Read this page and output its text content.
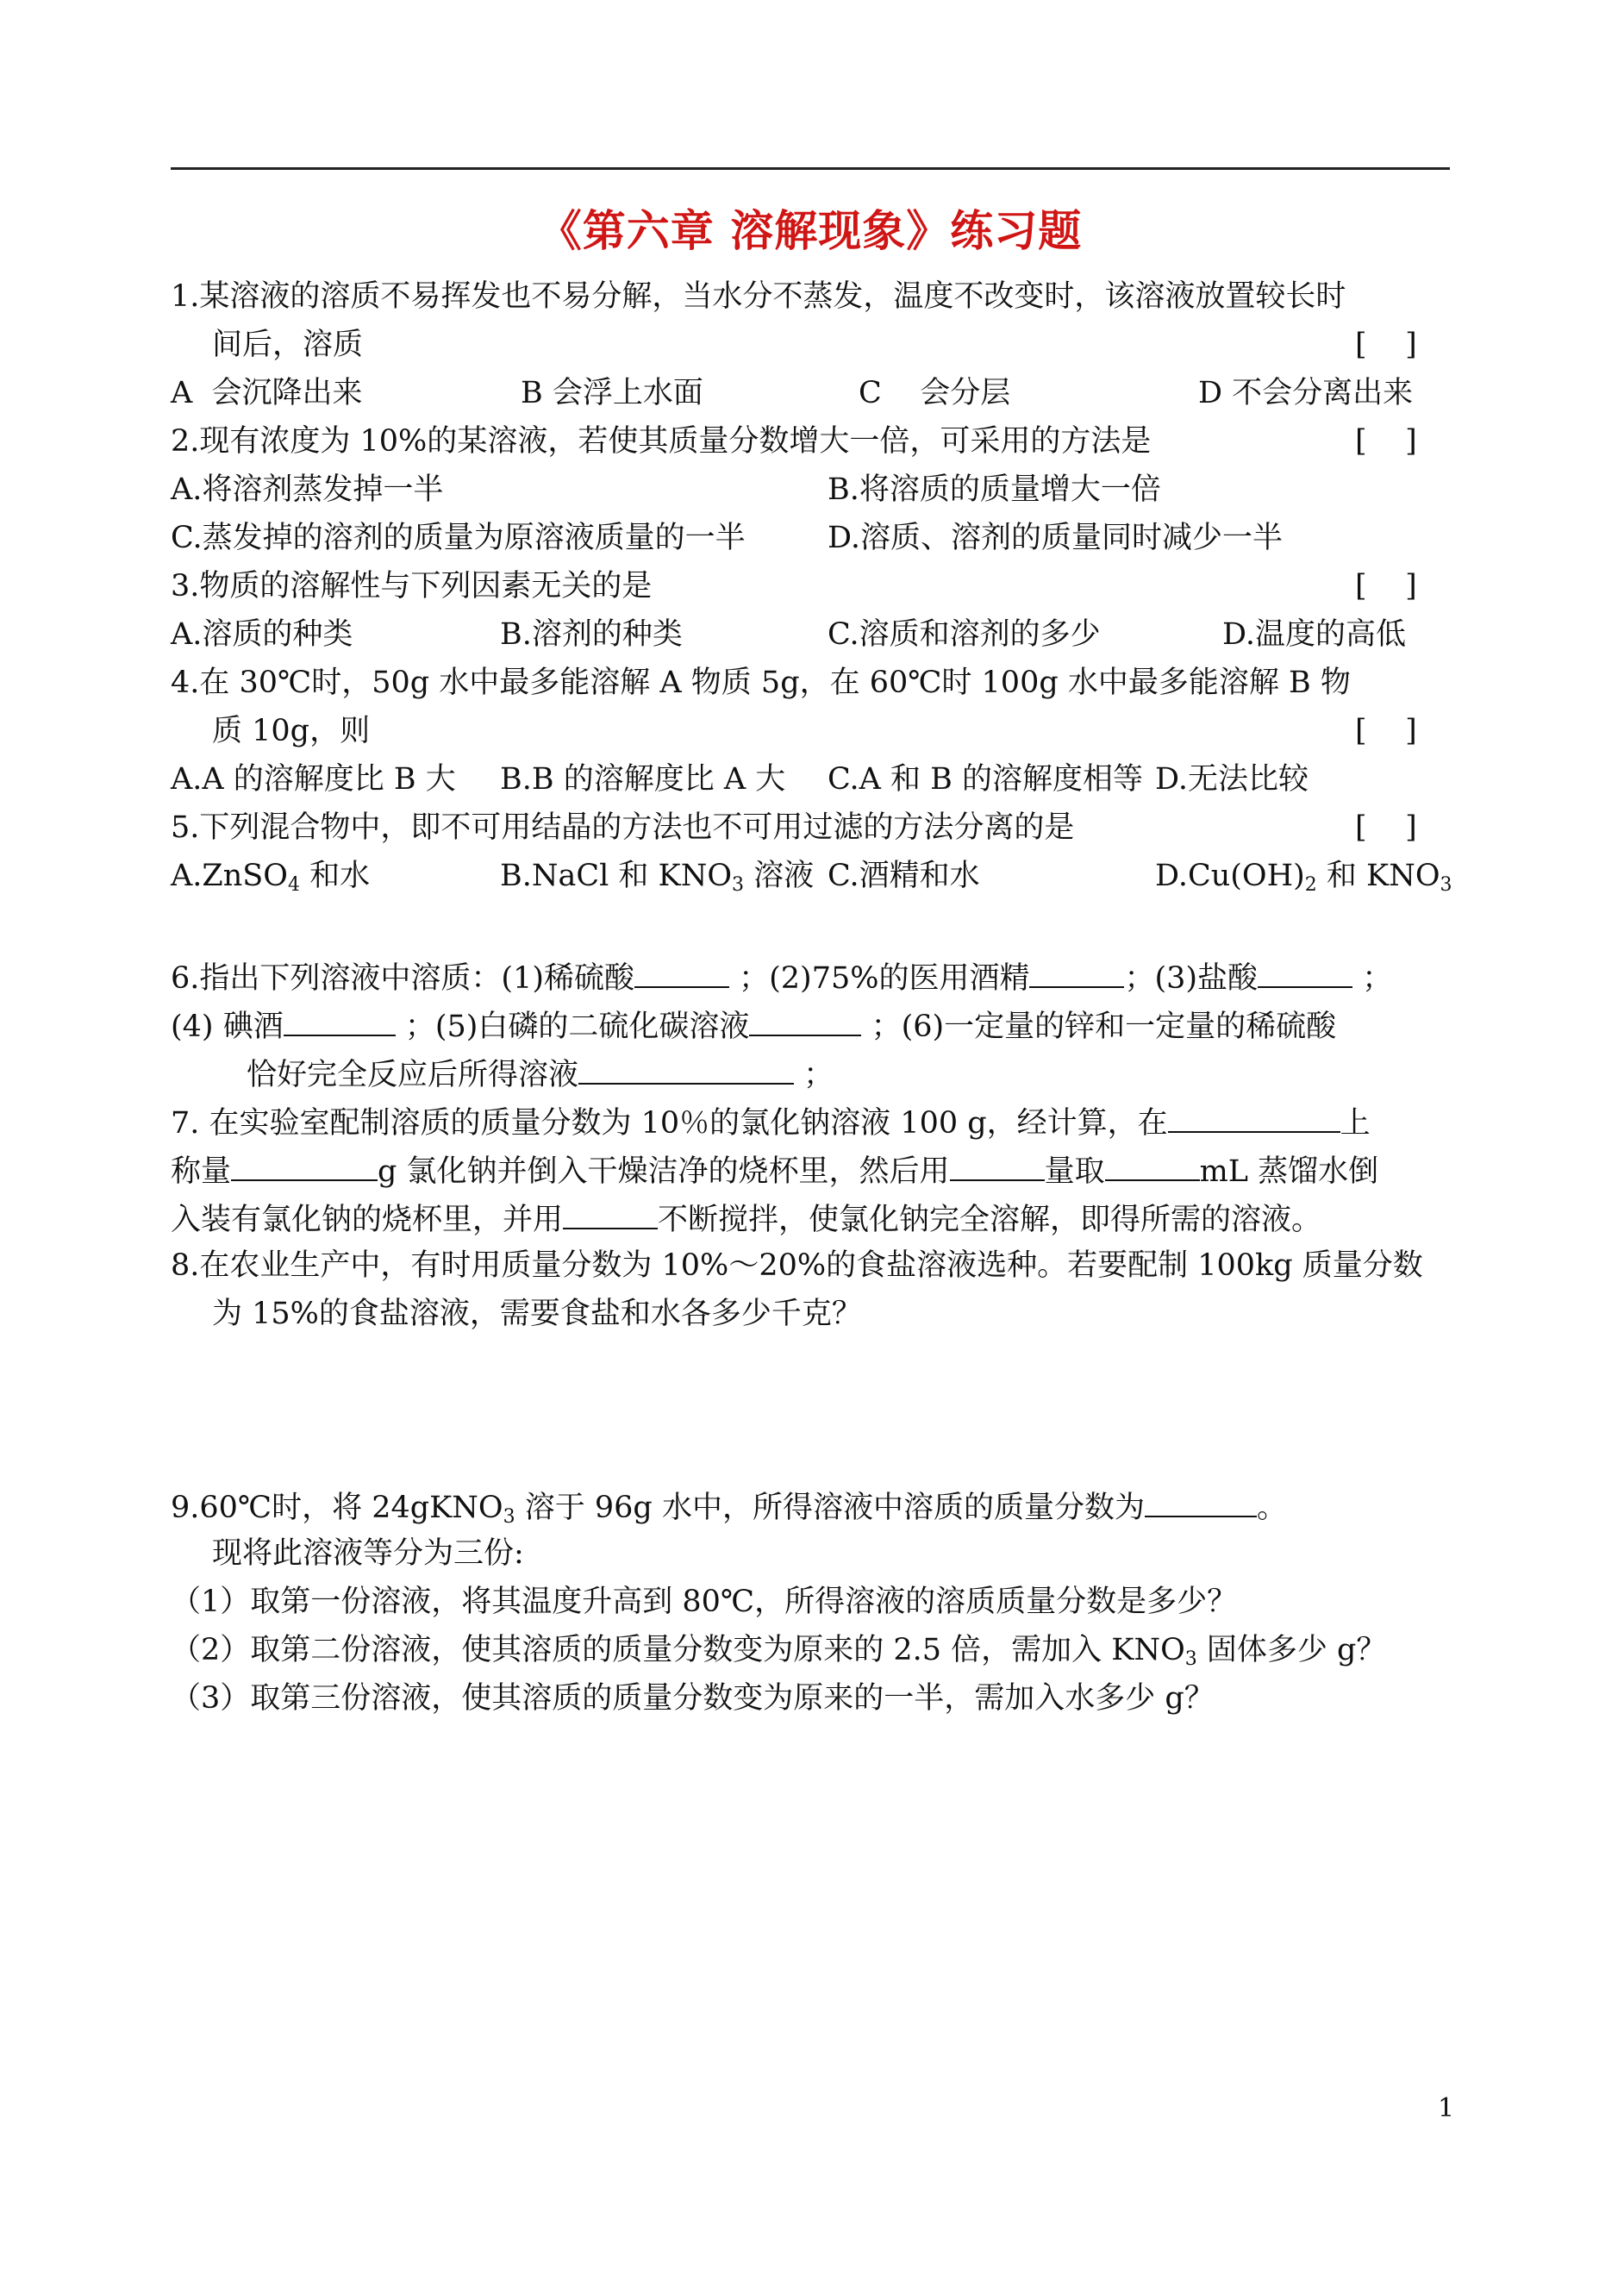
《第六章 溶解现象》练习题
1.某溶液的溶质不易挥发也不易分解，当水分不蒸发，温度不改变时，该溶液放置较长时
间后，溶质	[    ]
A  会沉降出来	B 会浮上水面	C    会分层	D 不会分离出来
2.现有浓度为 10%的某溶液，若使其质量分数增大一倍，可采用的方法是	[    ]
A.将溶剂蒸发掉一半	B.将溶质的质量增大一倍
C.蒸发掉的溶剂的质量为原溶液质量的一半	D.溶质、溶剂的质量同时减少一半
3.物质的溶解性与下列因素无关的是	[    ]
A.溶质的种类	B.溶剂的种类	C.溶质和溶剂的多少	D.温度的高低
4.在 30℃时，50g 水中最多能溶解 A 物质 5g，在 60℃时 100g 水中最多能溶解 B 物
质 10g，则	[    ]
A.A 的溶解度比 B 大 B.B 的溶解度比 A 大 C.A 和 B 的溶解度相等 D.无法比较
5.下列混合物中，即不可用结晶的方法也不可用过滤的方法分离的是	[    ]
A.ZnSO$_4$ 和水	B.NaCl 和 $KNO_3$ 溶液 C.酒精和水	$D.Cu(OH)_2$ 和 $KNO_3$
6.指出下列溶液中溶质：(1)稀硫酸	；(2)75%的医用酒精	；(3)盐酸	；
(4) 碘酒	；(5)白磷的二硫化碳溶液	；(6)一定量的锌和一定量的稀硫酸
恰好完全反应后所得溶液	；
7. 在实验室配制溶质的质量分数为 10％的氯化钠溶液 100 g，经计算，在	上
称量	g 氯化钠并倒入干燥洁净的烧杯里，然后用	量取	mL 蒸馏水倒
入装有氯化钠的烧杯里，并用	不断搅拌，使氯化钠完全溶解，即得所需的溶液。
8.在农业生产中，有时用质量分数为 10%～20%的食盐溶液选种。若要配制 100kg 质量分数
为 15%的食盐溶液，需要食盐和水各多少千克？
9.60℃时，将 24gKNO$_3$ 溶于 96g 水中，所得溶液中溶质的质量分数为	。
现将此溶液等分为三份:
（1）取第一份溶液，将其温度升高到 80℃，所得溶液的溶质质量分数是多少？
（2）取第二份溶液，使其溶质的质量分数变为原来的 2.5 倍，需加入 $KNO_3$ 固体多少 g？
（3）取第三份溶液，使其溶质的质量分数变为原来的一半，需加入水多少 g？
1
